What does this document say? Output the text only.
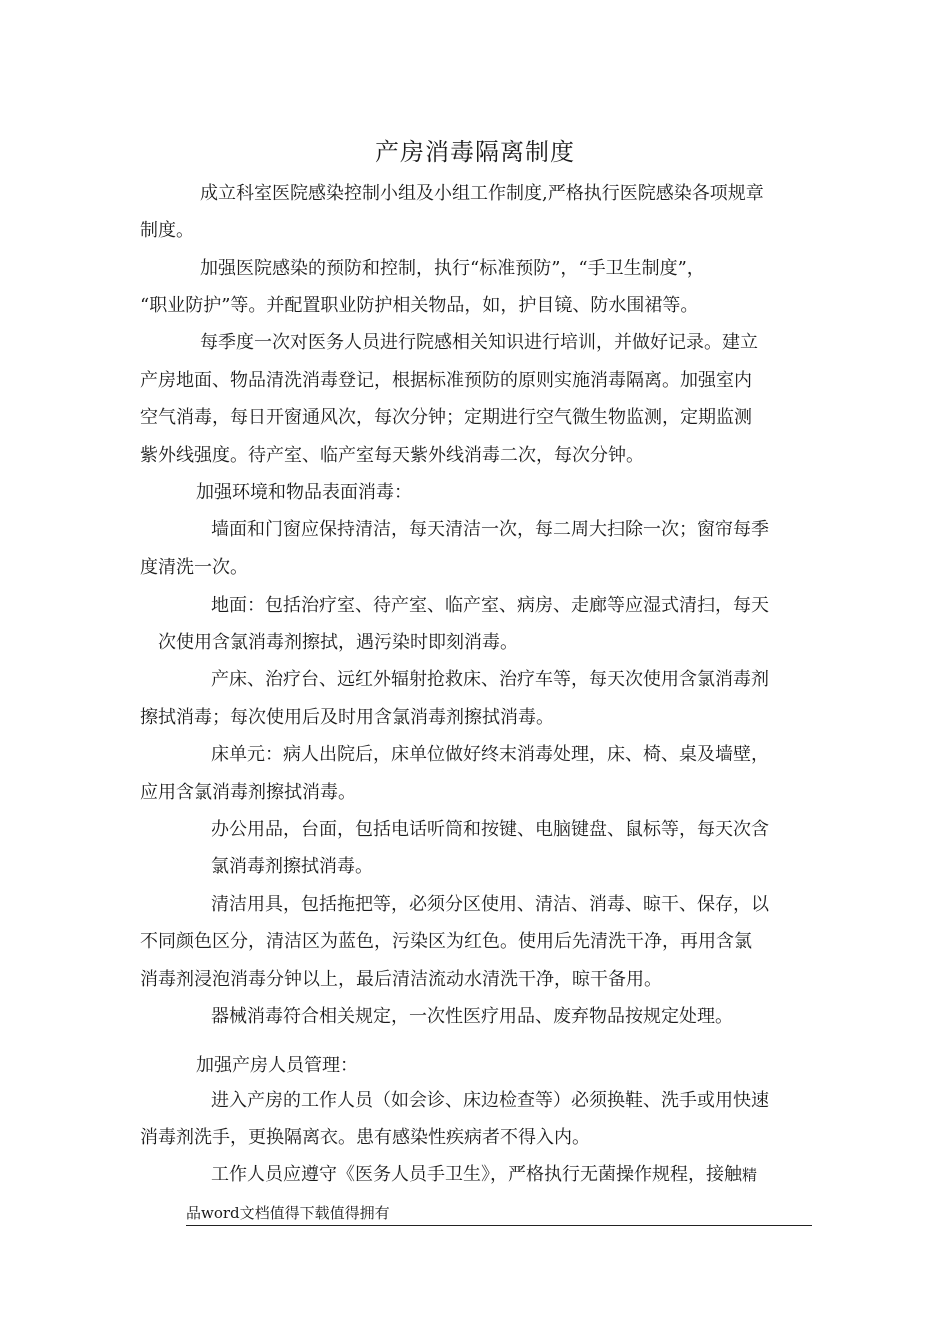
产房消毒隔离制度
成立科室医院感染控制小组及小组工作制度,严格执行医院感染各项规章
制度。
加强医院感染的预防和控制，执行“标准预防”，“手卫生制度”，
“职业防护”等。并配置职业防护相关物品，如，护目镜、防水围裙等。
每季度一次对医务人员进行院感相关知识进行培训，并做好记录。建立
产房地面、物品清洗消毒登记，根据标准预防的原则实施消毒隔离。加强室内
空气消毒，每日开窗通风次，每次分钟；定期进行空气微生物监测，定期监测
紫外线强度。待产室、临产室每天紫外线消毒二次，每次分钟。
加强环境和物品表面消毒：
墙面和门窗应保持清洁，每天清洁一次，每二周大扫除一次；窗帘每季
度清洗一次。
地面：包括治疗室、待产室、临产室、病房、走廊等应湿式清扫，每天
次使用含氯消毒剂擦拭，遇污染时即刻消毒。
产床、治疗台、远红外辐射抢救床、治疗车等，每天次使用含氯消毒剂
擦拭消毒；每次使用后及时用含氯消毒剂擦拭消毒。
床单元：病人出院后，床单位做好终末消毒处理，床、椅、桌及墙壁，
应用含氯消毒剂擦拭消毒。
办公用品，台面，包括电话听筒和按键、电脑键盘、鼠标等，每天次含
氯消毒剂擦拭消毒。
清洁用具，包括拖把等，必须分区使用、清洁、消毒、晾干、保存，以
不同颜色区分，清洁区为蓝色，污染区为红色。使用后先清洗干净，再用含氯
消毒剂浸泡消毒分钟以上，最后清洁流动水清洗干净，晾干备用。
器械消毒符合相关规定，一次性医疗用品、废弃物品按规定处理。
加强产房人员管理：
进入产房的工作人员（如会诊、床边检查等）必须换鞋、洗手或用快速
消毒剂洗手，更换隔离衣。患有感染性疾病者不得入内。
工作人员应遵守《医务人员手卫生》，严格执行无菌操作规程，接触精
品word文档值得下载值得拥有
